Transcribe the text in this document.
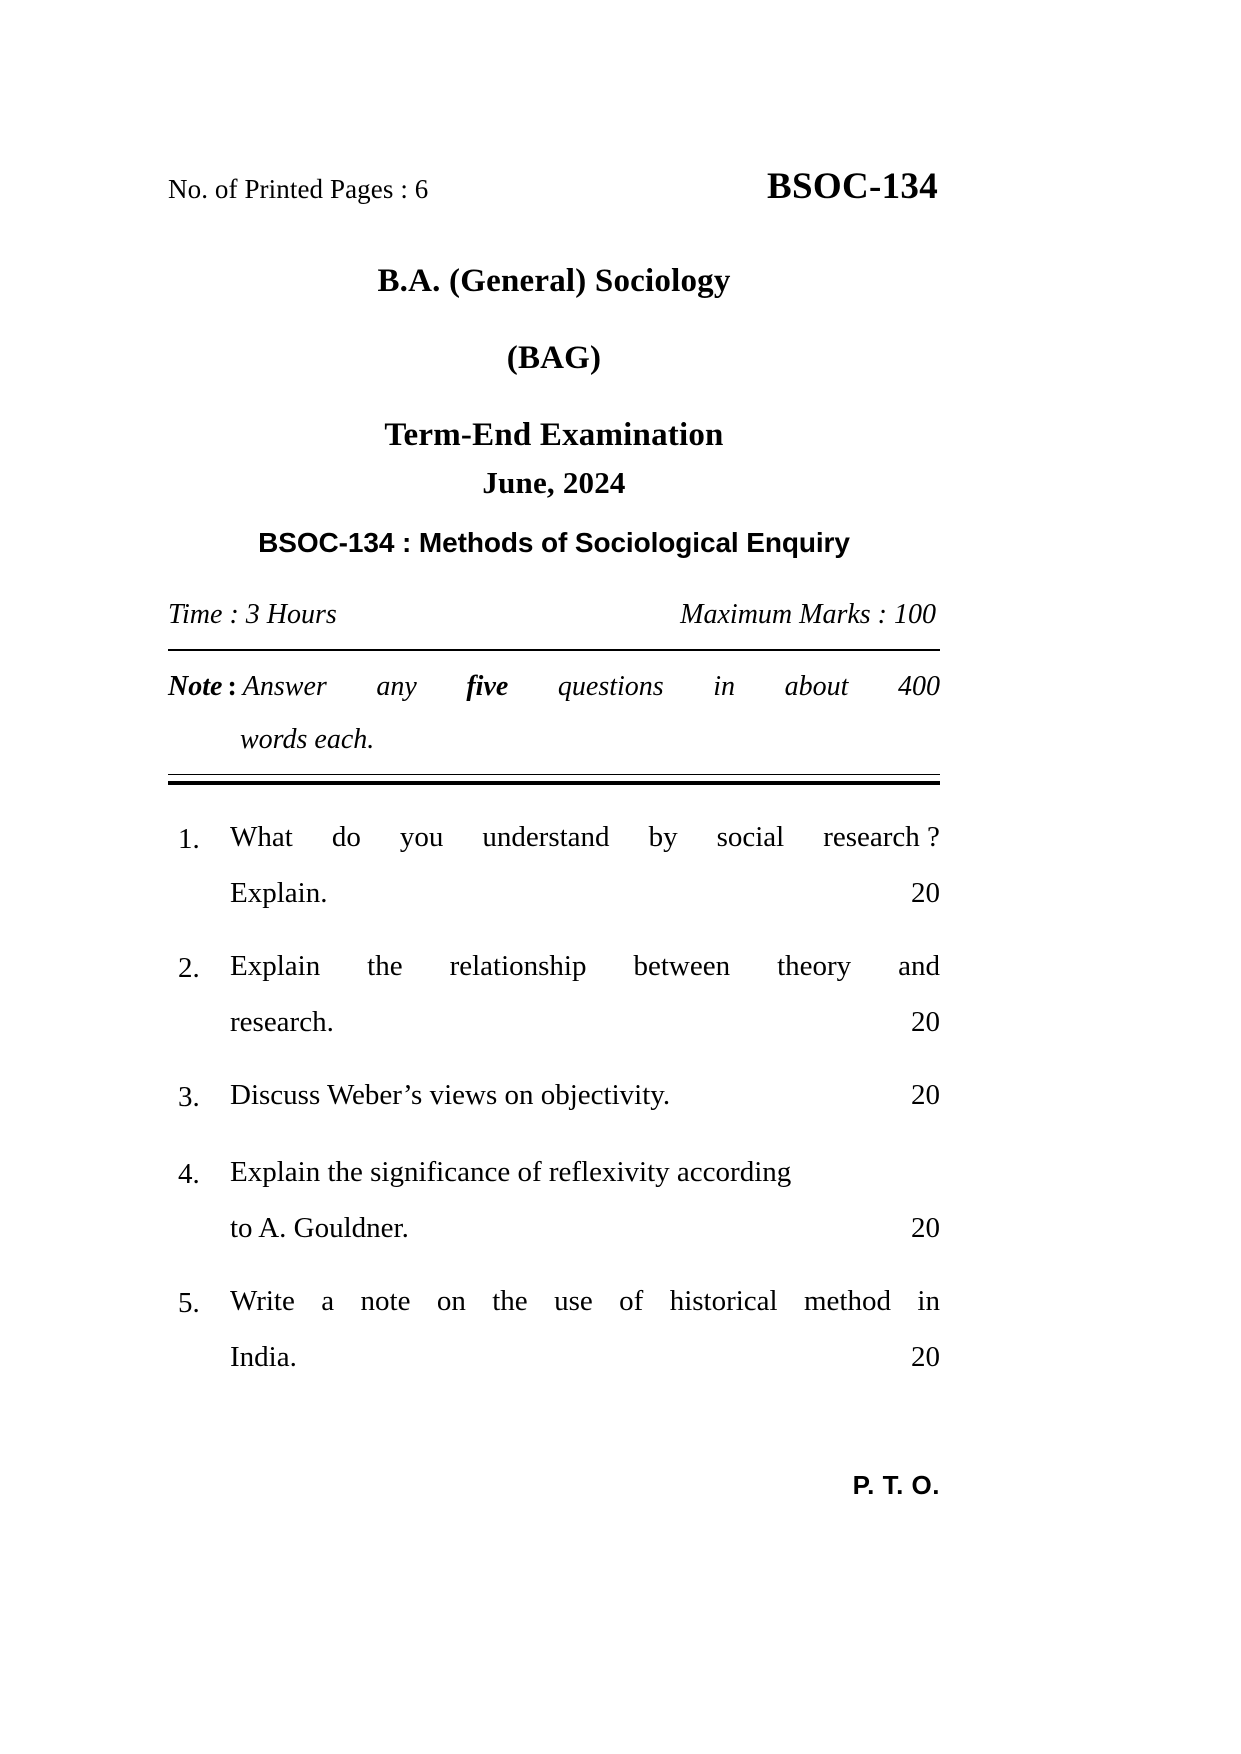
No. of Printed Pages : 6	BSOC-134
B.A. (General) Sociology
(BAG)
Term-End Examination
June, 2024
BSOC-134 : Methods of Sociological Enquiry
Time : 3 Hours	Maximum Marks : 100
Note : Answer any five questions in about 400
words each.
1.	What do you understand by social research ?
Explain.	20
2.	Explain the relationship between theory and
research.	20
3.	Discuss Weber’s views on objectivity.	20
4.	Explain the significance of reflexivity according
to A. Gouldner.	20
5.	Write a note on the use of historical method in
India.	20
P. T. O.
